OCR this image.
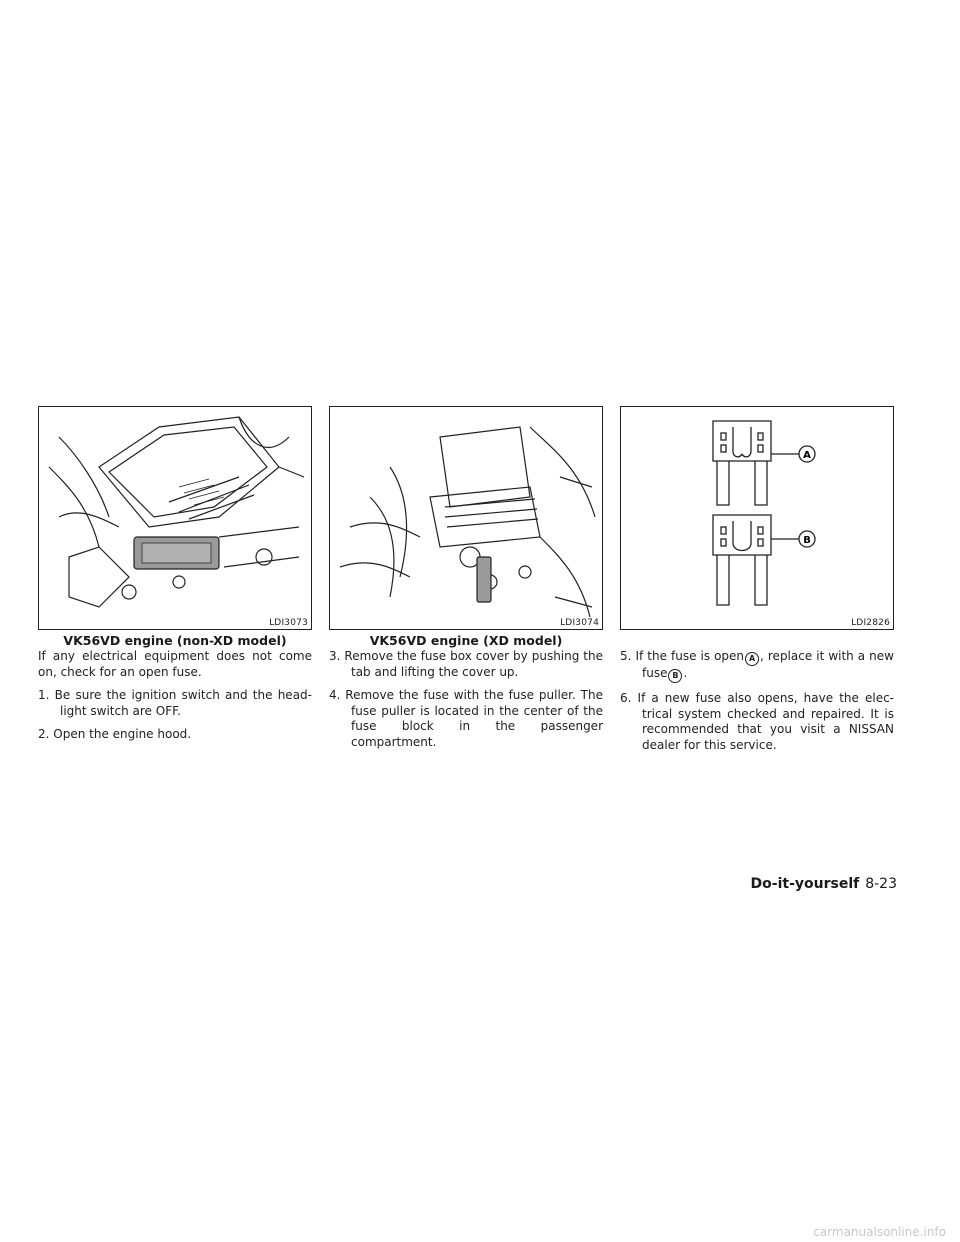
LDI3073
VK56VD engine (non-XD model)

If any electrical equipment does not come on, check for an open fuse.

1. Be sure the ignition switch and the head- light switch are OFF.

2. Open the engine hood.

LDI3074
VK56VD engine (XD model)

3. Remove the fuse box cover by pushing the tab and lifting the cover up.

4. Remove the fuse with the fuse puller. The fuse puller is located in the center of the fuse block in the passenger compartment.

A
B
LDI2826

5. If the fuse is open A , replace it with a new fuse B .

6. If a new fuse also opens, have the elec- trical system checked and repaired. It is recommended that you visit a NISSAN dealer for this service.

Do-it-yourself 8-23
carmanualsonline.info
